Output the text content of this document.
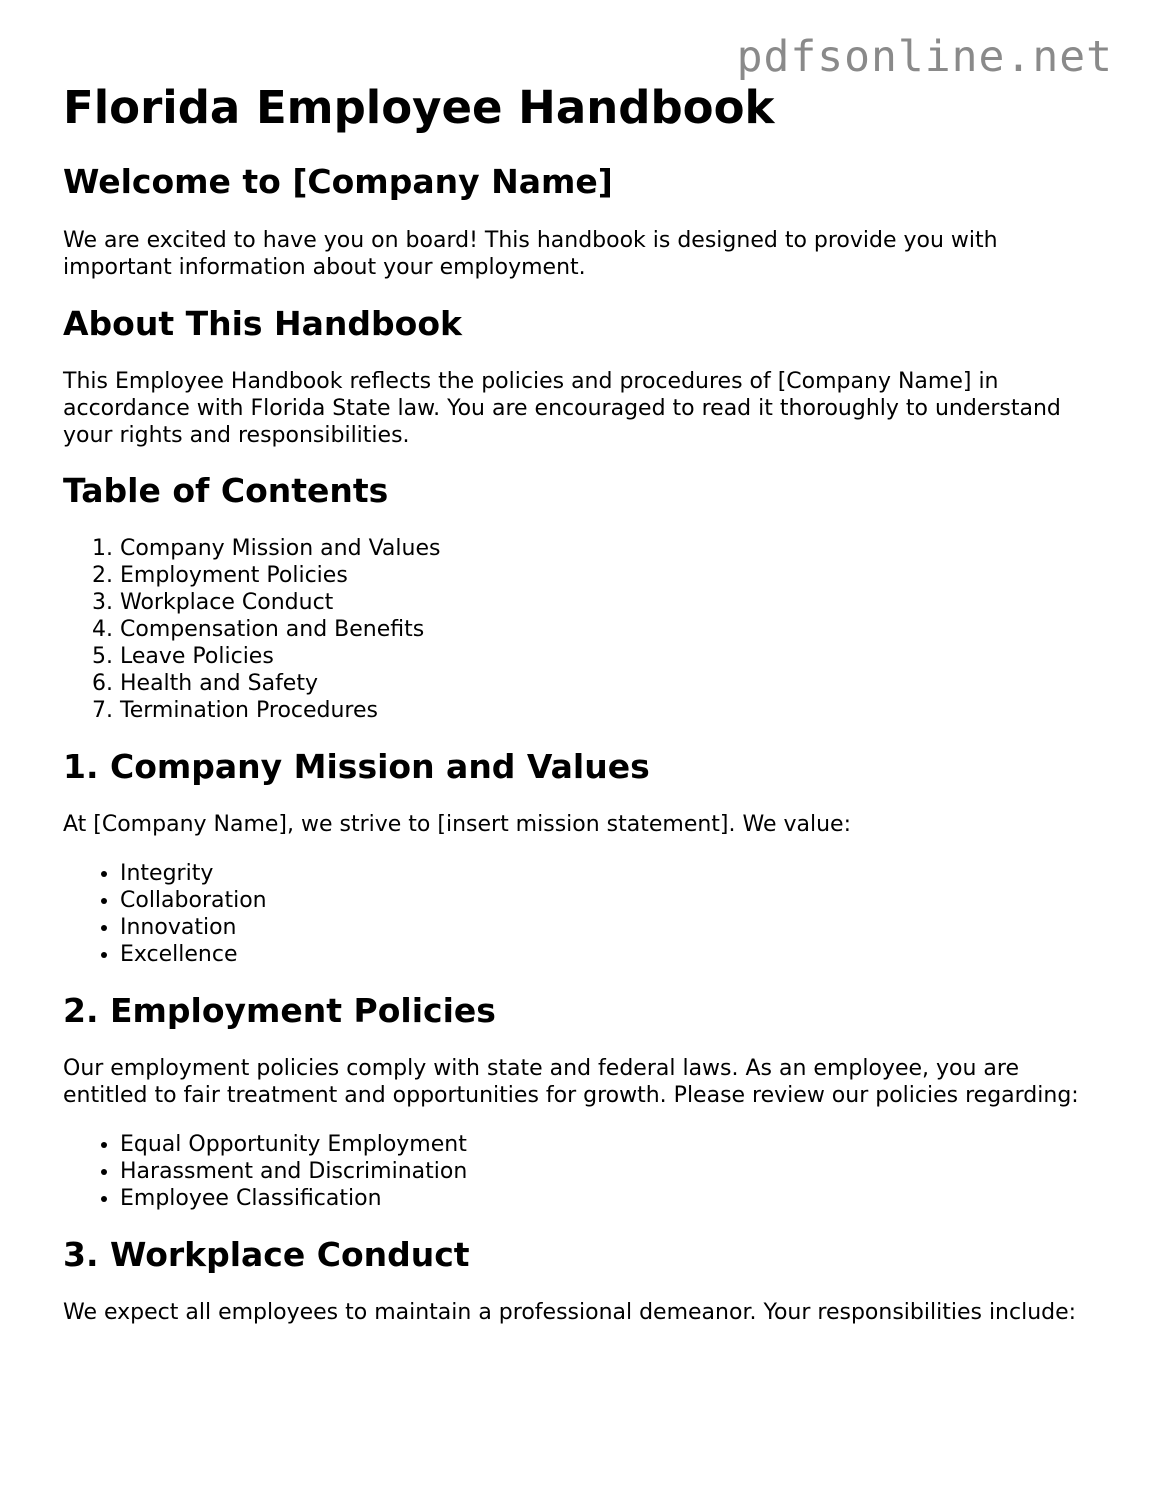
pdfsonline.net
Florida Employee Handbook
Welcome to [Company Name]

We are excited to have you on board! This handbook is designed to provide you with important information about your employment.

About This Handbook

This Employee Handbook reflects the policies and procedures of [Company Name] in accordance with Florida State law. You are encouraged to read it thoroughly to understand your rights and responsibilities.

Table of Contents
1. Company Mission and Values
2. Employment Policies
3. Workplace Conduct
4. Compensation and Benefits
5. Leave Policies
6. Health and Safety
7. Termination Procedures
1. Company Mission and Values

At [Company Name], we strive to [insert mission statement]. We value:

• Integrity
• Collaboration
• Innovation
• Excellence
2. Employment Policies

Our employment policies comply with state and federal laws. As an employee, you are entitled to fair treatment and opportunities for growth. Please review our policies regarding:

• Equal Opportunity Employment
• Harassment and Discrimination
• Employee Classification
3. Workplace Conduct

We expect all employees to maintain a professional demeanor. Your responsibilities include:
